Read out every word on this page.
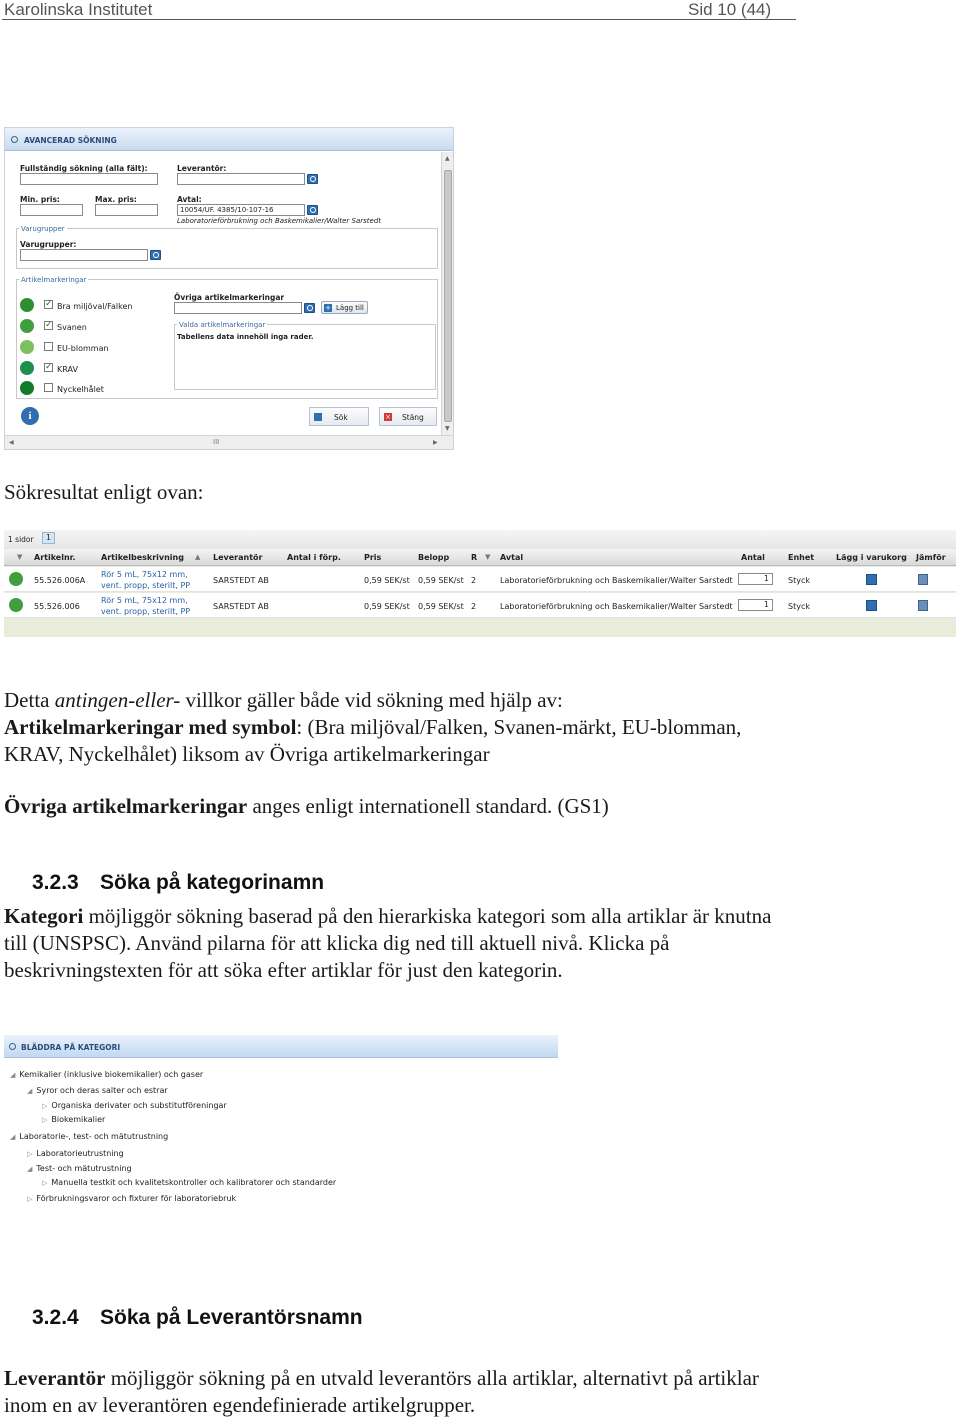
Karolinska Institutet	Sid 10 (44)
AVANCERAD SÖKNING
Fullständig sökning (alla fält):	Leverantör:
Min. pris:	Max. pris:	Avtal:
10054/UF. 4385/10-107-16
Laboratorieförbrukning och Baskemikalier/Walter Sarstedt
Varugrupper
Varugrupper:
Artikelmarkeringar
✓ Bra miljöval/Falken
✓ Svanen
EU-blomman
✓ KRAV
Nyckelhålet
Övriga artikelmarkeringar
+ Lägg till
Valda artikelmarkeringar
Tabellens data innehöll inga rader.
i	Sök	× Stäng
▲
▼
◀	III	▶
Sökresultat enligt ovan:
1 sidor	1
▼ Artikelnr.	Artikelbeskrivning ▲ Leverantör	Antal i förp.	Pris	Belopp	R ▼ Avtal	Antal	Enhet	Lägg i varukorg Jämför
55.526.006A
Rör 5 mL, 75x12 mm,
vent. propp, sterilt, PP
SARSTEDT AB	0,59 SEK/st 0,59 SEK/st 2	Laboratorieförbrukning och Baskemikalier/Walter Sarstedt	1	Styck
55.526.006
Rör 5 mL, 75x12 mm,
vent. propp, sterilt, PP
SARSTEDT AB	0,59 SEK/st 0,59 SEK/st 2	Laboratorieförbrukning och Baskemikalier/Walter Sarstedt	1	Styck
Detta antingen-eller- villkor gäller både vid sökning med hjälp av:
Artikelmarkeringar med symbol: (Bra miljöval/Falken, Svanen-märkt, EU-blomman,
KRAV, Nyckelhålet) liksom av Övriga artikelmarkeringar
Övriga artikelmarkeringar anges enligt internationell standard. (GS1)
3.2.3 Söka på kategorinamn
Kategori möjliggör sökning baserad på den hierarkiska kategori som alla artiklar är knutna
till (UNSPSC). Använd pilarna för att klicka dig ned till aktuell nivå. Klicka på
beskrivningstexten för att söka efter artiklar för just den kategorin.
BLÄDDRA PÅ KATEGORI
◢ Kemikalier (inklusive biokemikalier) och gaser
◢ Syror och deras salter och estrar
▷ Organiska derivater och substitutföreningar
▷ Biokemikalier
◢ Laboratorie-, test- och mätutrustning
▷ Laboratorieutrustning
◢ Test- och mätutrustning
▷ Manuella testkit och kvalitetskontroller och kalibratorer och standarder
▷ Förbrukningsvaror och fixturer för laboratoriebruk
3.2.4 Söka på Leverantörsnamn
Leverantör möjliggör sökning på en utvald leverantörs alla artiklar, alternativt på artiklar
inom en av leverantören egendefinierade artikelgrupper.
